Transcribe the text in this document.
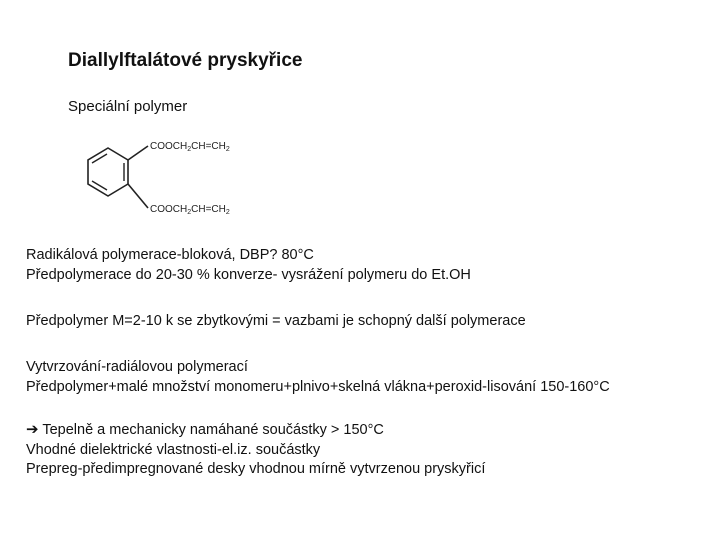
Diallylftalátové pryskyřice
Speciální polymer
$COOCH_2CH=CH_2$
$COOCH_2CH=CH_2$
Radikálová polymerace-bloková, DBP? 80°C
Předpolymerace do 20-30 % konverze- vysrážení polymeru do Et.OH
Předpolymer M=2-10 k se zbytkovými = vazbami je schopný další polymerace
Vytvrzování-radiálovou polymerací
Předpolymer+malé množství monomeru+plnivo+skelná vlákna+peroxid-lisování 150-160°C
➔ Tepelně a mechanicky namáhané součástky > 150°C
Vhodné dielektrické vlastnosti-el.iz. součástky
Prepreg-předimpregnované desky vhodnou mírně vytvrzenou pryskyřicí
